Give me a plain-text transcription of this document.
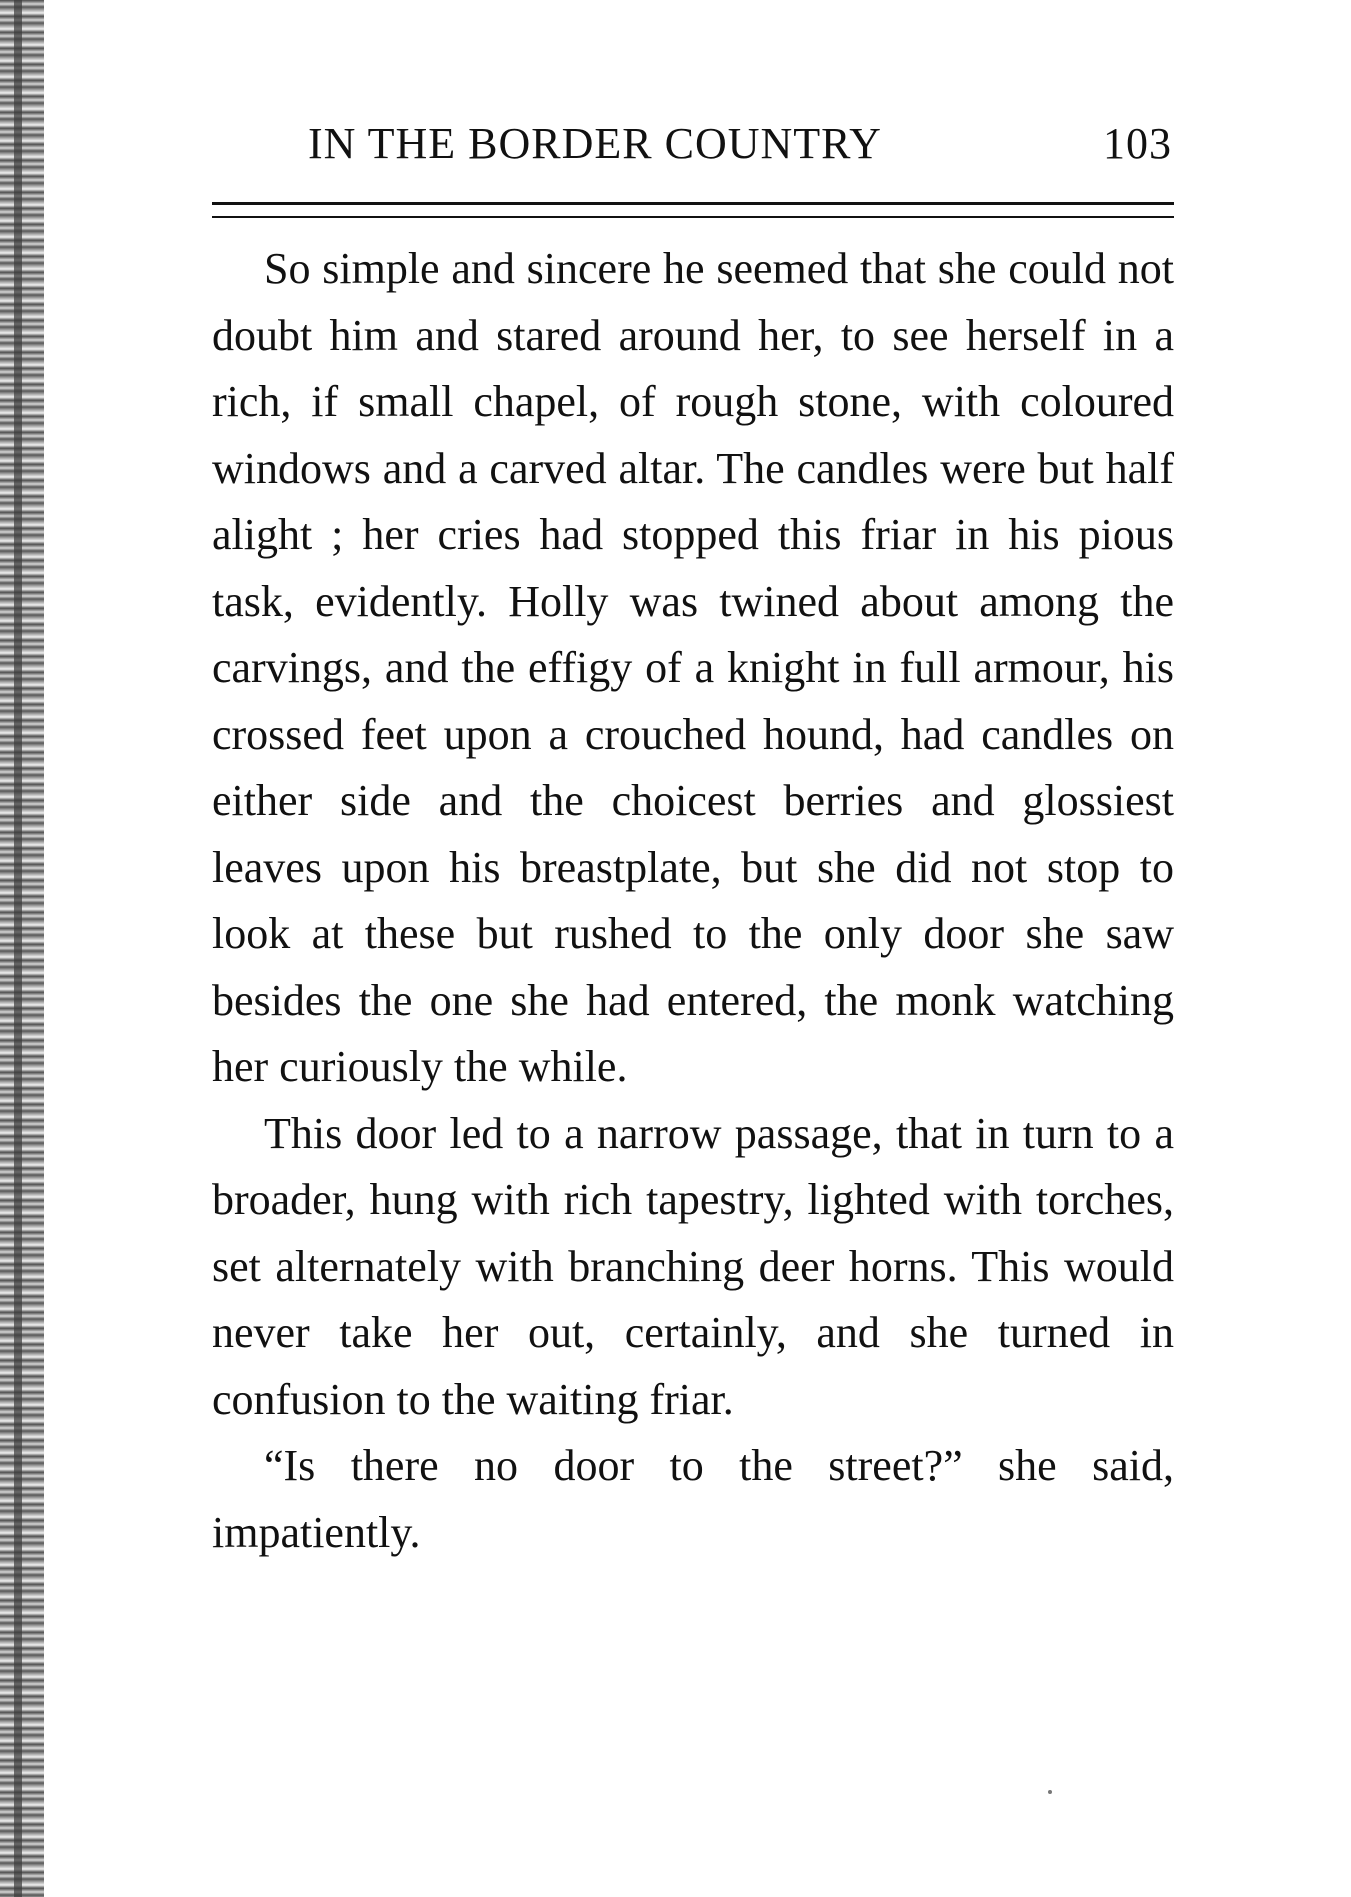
IN THE BORDER COUNTRY	103

So simple and sincere he seemed that she could not doubt him and stared around her, to see herself in a rich, if small chapel, of rough stone, with coloured windows and a carved altar. The candles were but half alight ; her cries had stopped this friar in his pious task, evidently. Holly was twined about among the carvings, and the effigy of a knight in full armour, his crossed feet upon a crouched hound, had candles on either side and the choicest berries and glossiest leaves upon his breastplate, but she did not stop to look at these but rushed to the only door she saw besides the one she had entered, the monk watching her curiously the while.

This door led to a narrow passage, that in turn to a broader, hung with rich tapestry, lighted with torches, set alternately with branching deer horns. This would never take her out, certainly, and she turned in confusion to the waiting friar.

“Is there no door to the street?” she said, impatiently.
